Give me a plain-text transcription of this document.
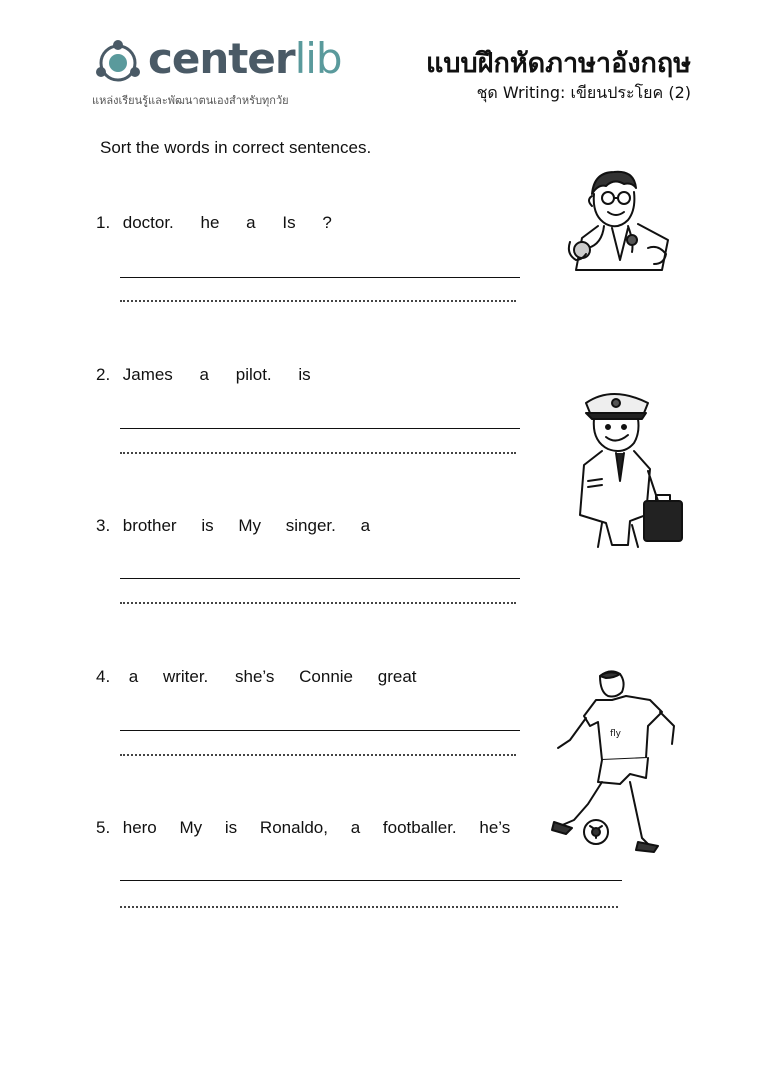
centerlib
แหล่งเรียนรู้และพัฒนาตนเองสำหรับทุกวัย
แบบฝึกหัดภาษาอังกฤษ
ชุด Writing: เขียนประโยค (2)
Sort the words in correct sentences.
1. doctor. he a Is ?
2. James a pilot. is
3. brother is My singer. a
4. a writer. she’s Connie great
5. hero My is Ronaldo, a footballer. he’s
fly
